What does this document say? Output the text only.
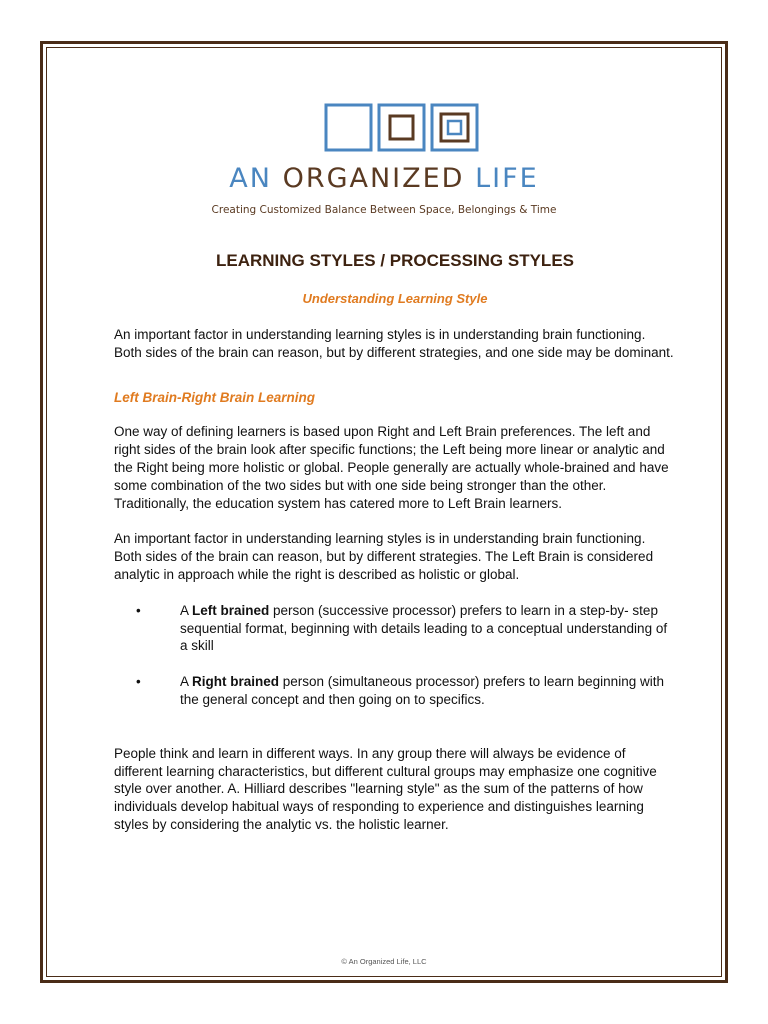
AN ORGANIZED LIFE
Creating Customized Balance Between Space, Belongings & Time
LEARNING STYLES / PROCESSING STYLES
Understanding Learning Style

An important factor in understanding learning styles is in understanding brain functioning. Both sides of the brain can reason, but by different strategies, and one side may be dominant.

Left Brain-Right Brain Learning

One way of defining learners is based upon Right and Left Brain preferences. The left and right sides of the brain look after specific functions; the Left being more linear or analytic and the Right being more holistic or global. People generally are actually whole-brained and have some combination of the two sides but with one side being stronger than the other. Traditionally, the education system has catered more to Left Brain learners.

An important factor in understanding learning styles is in understanding brain functioning. Both sides of the brain can reason, but by different strategies. The Left Brain is considered analytic in approach while the right is described as holistic or global.

•	A Left brained person (successive processor) prefers to learn in a step-by- step sequential format, beginning with details leading to a conceptual understanding of a skill
•	A Right brained person (simultaneous processor) prefers to learn beginning with the general concept and then going on to specifics.

People think and learn in different ways. In any group there will always be evidence of different learning characteristics, but different cultural groups may emphasize one cognitive style over another. A. Hilliard describes "learning style" as the sum of the patterns of how individuals develop habitual ways of responding to experience and distinguishes learning styles by considering the analytic vs. the holistic learner.

© An Organized Life, LLC
